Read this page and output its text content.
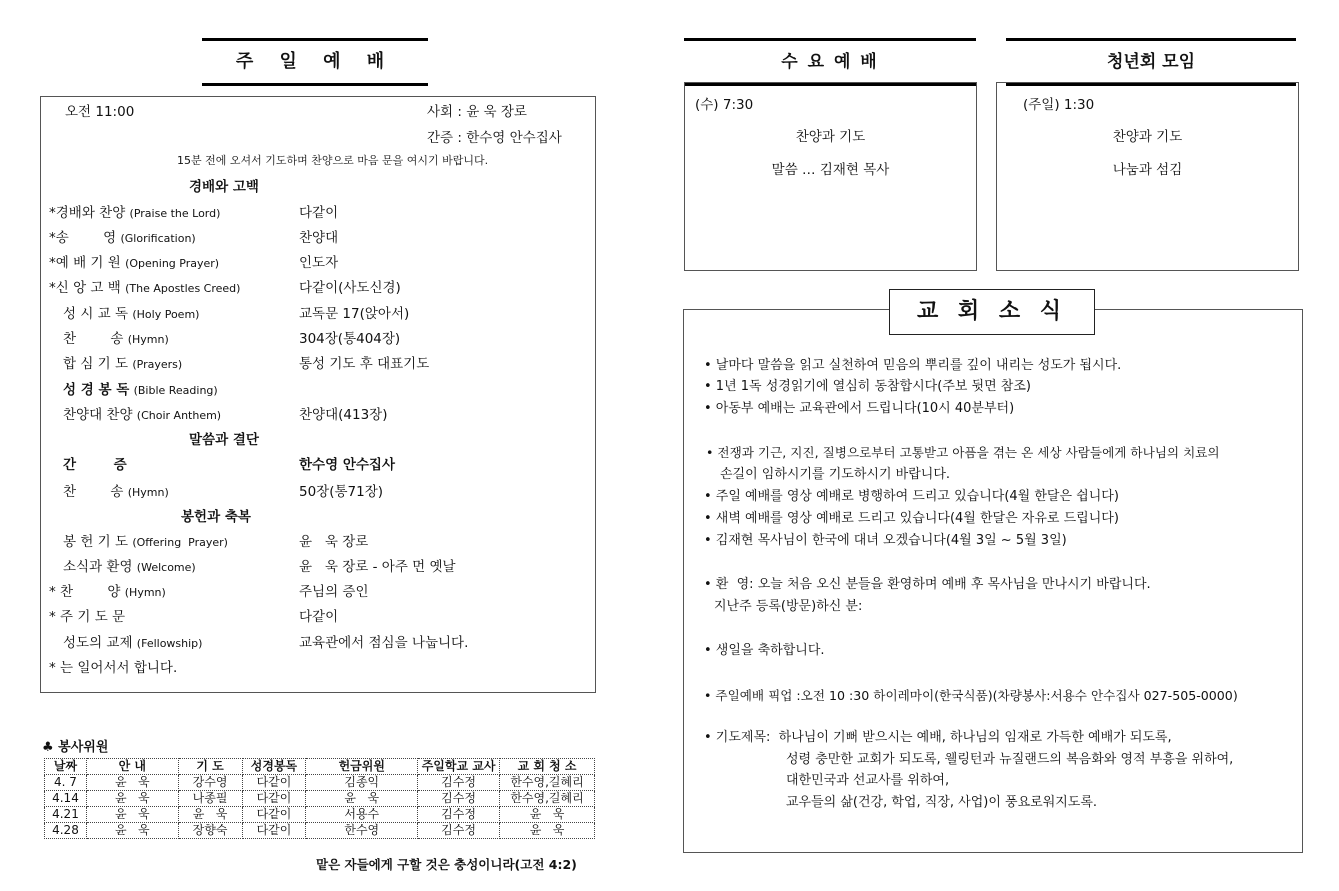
주 일 예 배
오전 11:00	사회 : 윤 욱 장로
간증 : 한수영 안수집사
15분 전에 오셔서 기도하며 찬양으로 마음 문을 여시기 바랍니다.
경배와 고백
*경배와 찬양 (Praise the Lord)	다같이
*송        영 (Glorification)	찬양대
*예 배 기 원 (Opening Prayer)	인도자
*신 앙 고 백 (The Apostles Creed)	다같이(사도신경)
성 시 교 독 (Holy Poem)	교독문 17(앉아서)
찬        송 (Hymn)	304장(통404장)
합 심 기 도 (Prayers)	통성 기도 후 대표기도
성 경 봉 독 (Bible Reading)
찬양대 찬양 (Choir Anthem)	찬양대(413장)
말씀과 결단
간        증	한수영 안수집사
찬        송 (Hymn)	50장(통71장)
봉헌과 축복
봉 헌 기 도 (Offering  Prayer)	윤   욱 장로
소식과 환영 (Welcome)	윤   욱 장로 - 아주 먼 옛날
* 찬        양 (Hymn)	주님의 증인
* 주 기 도 문	다같이
성도의 교제 (Fellowship)	교육관에서 점심을 나눕니다.
* 는 일어서서 합니다.
♣ 봉사위원
날짜	안 내	기 도	성경봉독	헌금위원	주일학교 교사	교 회 청 소
4. 7	윤   욱	강수영	다같이	김종익	김수정	한수영,길혜리
4.14	윤   욱	나종필	다같이	윤   욱	김수정	한수영,길혜리
4.21	윤   욱	윤   욱	다같이	서용수	김수정	윤   욱
4.28	윤   욱	장향숙	다같이	한수영	김수정	윤   욱
맡은 자들에게 구할 것은 충성이니라(고전 4:2)
수 요 예 배
(수) 7:30
찬양과 기도
말씀 … 김재현 목사
청년회 모임
(주일) 1:30
찬양과 기도
나눔과 섬김
교 회 소 식
• 날마다 말씀을 읽고 실천하여 믿음의 뿌리를 깊이 내리는 성도가 됩시다.
• 1년 1독 성경읽기에 열심히 동참합시다(주보 뒷면 참조)
• 아동부 예배는 교육관에서 드립니다(10시 40분부터)
• 전쟁과 기근, 지진, 질병으로부터 고통받고 아픔을 겪는 온 세상 사람들에게 하나님의 치료의
손길이 임하시기를 기도하시기 바랍니다.
• 주일 예배를 영상 예배로 병행하여 드리고 있습니다(4월 한달은 쉽니다)
• 새벽 예배를 영상 예배로 드리고 있습니다(4월 한달은 자유로 드립니다)
• 김재현 목사님이 한국에 대녀 오겠습니다(4월 3일 ~ 5월 3일)
• 환  영: 오늘 처음 오신 분들을 환영하며 예배 후 목사님을 만나시기 바랍니다.
지난주 등록(방문)하신 분:
• 생일을 축하합니다.
• 주일예배 픽업 :오전 10 :30 하이레마이(한국식품)(차량봉사:서용수 안수집사 027-505-0000)
• 기도제목:  하나님이 기뻐 받으시는 예배, 하나님의 임재로 가득한 예배가 되도록,
성령 충만한 교회가 되도록, 웰링턴과 뉴질랜드의 복음화와 영적 부흥을 위하여,
대한민국과 선교사를 위하여,
교우들의 삶(건강, 학업, 직장, 사업)이 풍요로워지도록.
